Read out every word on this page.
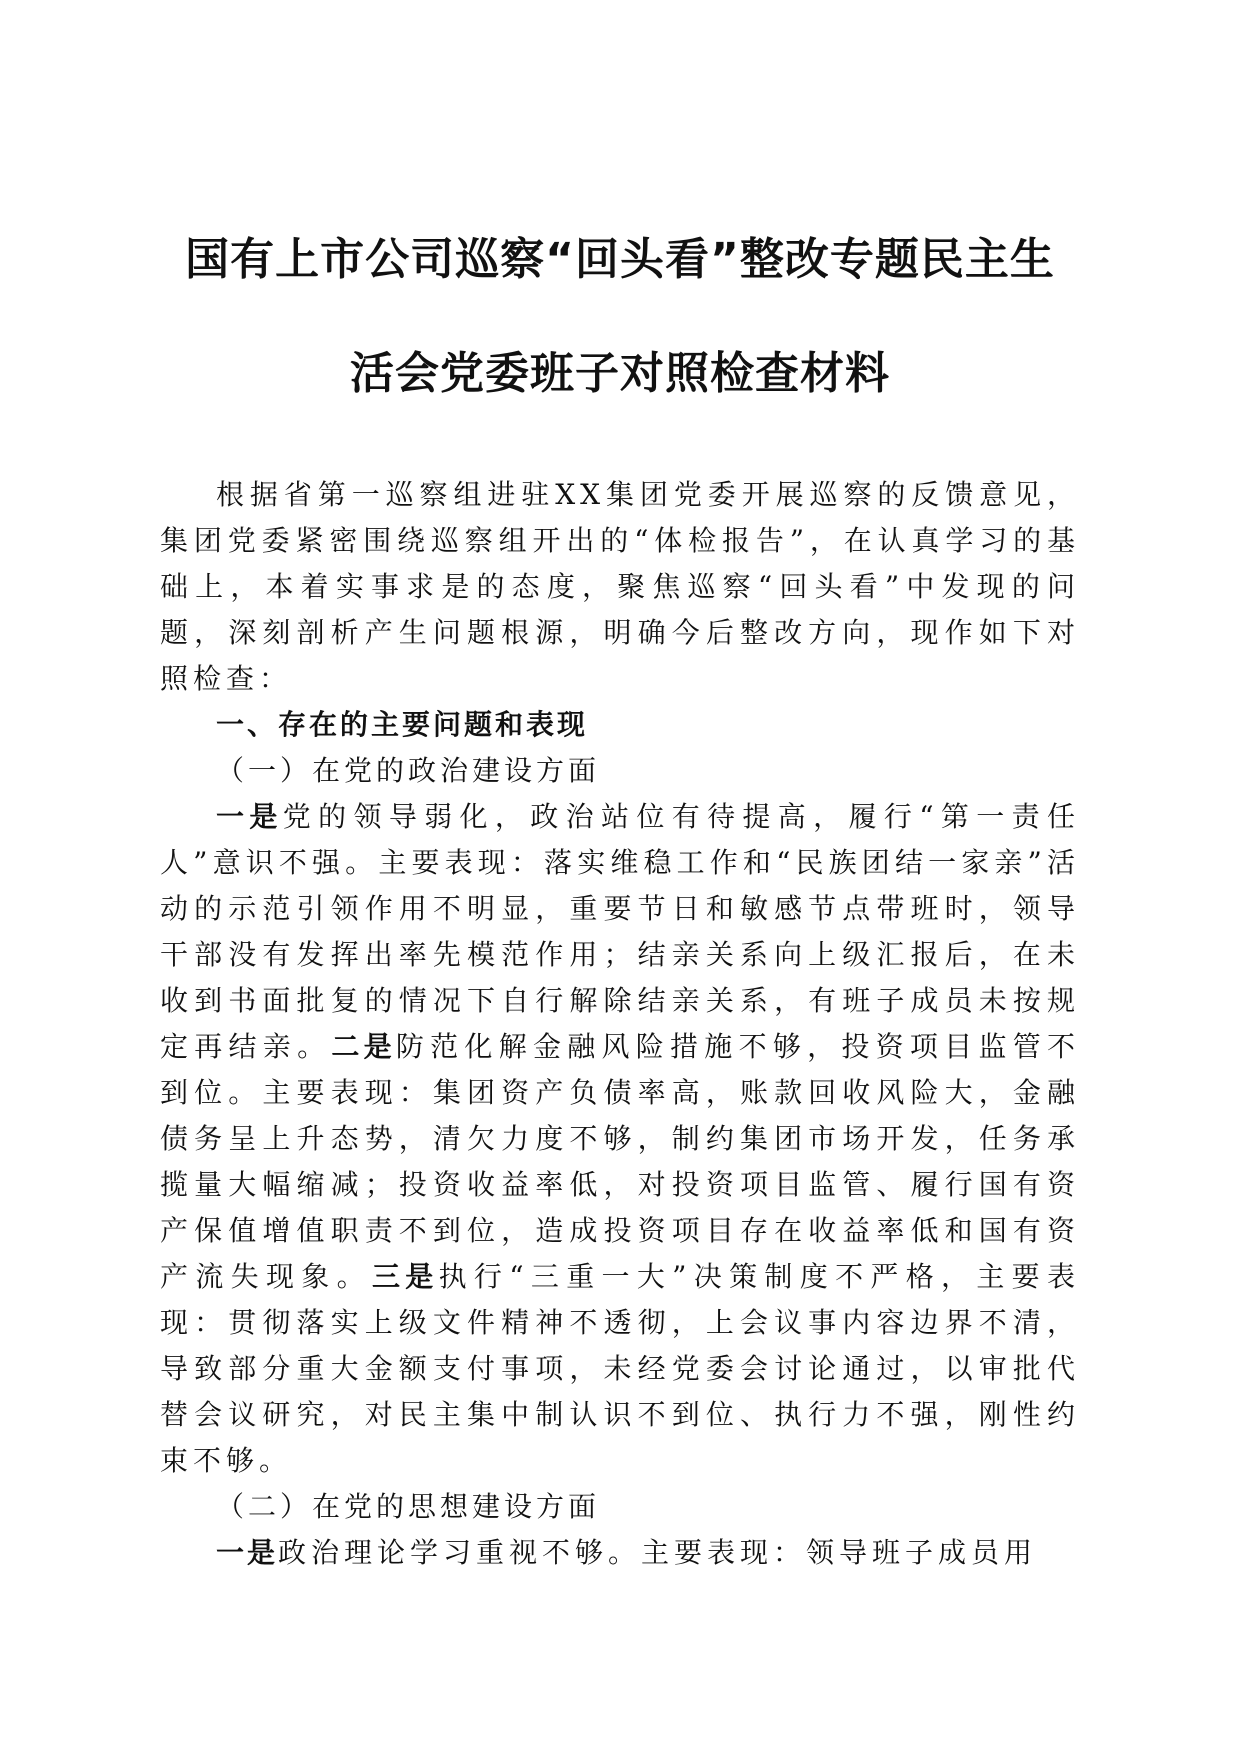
国有上市公司巡察“回头看”整改专题民主生
活会党委班子对照检查材料

根据省第一巡察组进驻XX集团党委开展巡察的反馈意见，集团党委紧密围绕巡察组开出的“体检报告”，在认真学习的基础上，本着实事求是的态度，聚焦巡察“回头看”中发现的问题，深刻剖析产生问题根源，明确今后整改方向，现作如下对照检查：

一、存在的主要问题和表现

（一）在党的政治建设方面

一是党的领导弱化，政治站位有待提高，履行“第一责任人”意识不强。主要表现：落实维稳工作和“民族团结一家亲”活动的示范引领作用不明显，重要节日和敏感节点带班时，领导干部没有发挥出率先模范作用；结亲关系向上级汇报后，在未收到书面批复的情况下自行解除结亲关系，有班子成员未按规定再结亲。二是防范化解金融风险措施不够，投资项目监管不到位。主要表现：集团资产负债率高，账款回收风险大，金融债务呈上升态势，清欠力度不够，制约集团市场开发，任务承揽量大幅缩减；投资收益率低，对投资项目监管、履行国有资产保值增值职责不到位，造成投资项目存在收益率低和国有资产流失现象。三是执行“三重一大”决策制度不严格，主要表现：贯彻落实上级文件精神不透彻，上会议事内容边界不清，导致部分重大金额支付事项，未经党委会讨论通过，以审批代替会议研究，对民主集中制认识不到位、执行力不强，刚性约束不够。

（二）在党的思想建设方面

一是政治理论学习重视不够。主要表现：领导班子成员用
